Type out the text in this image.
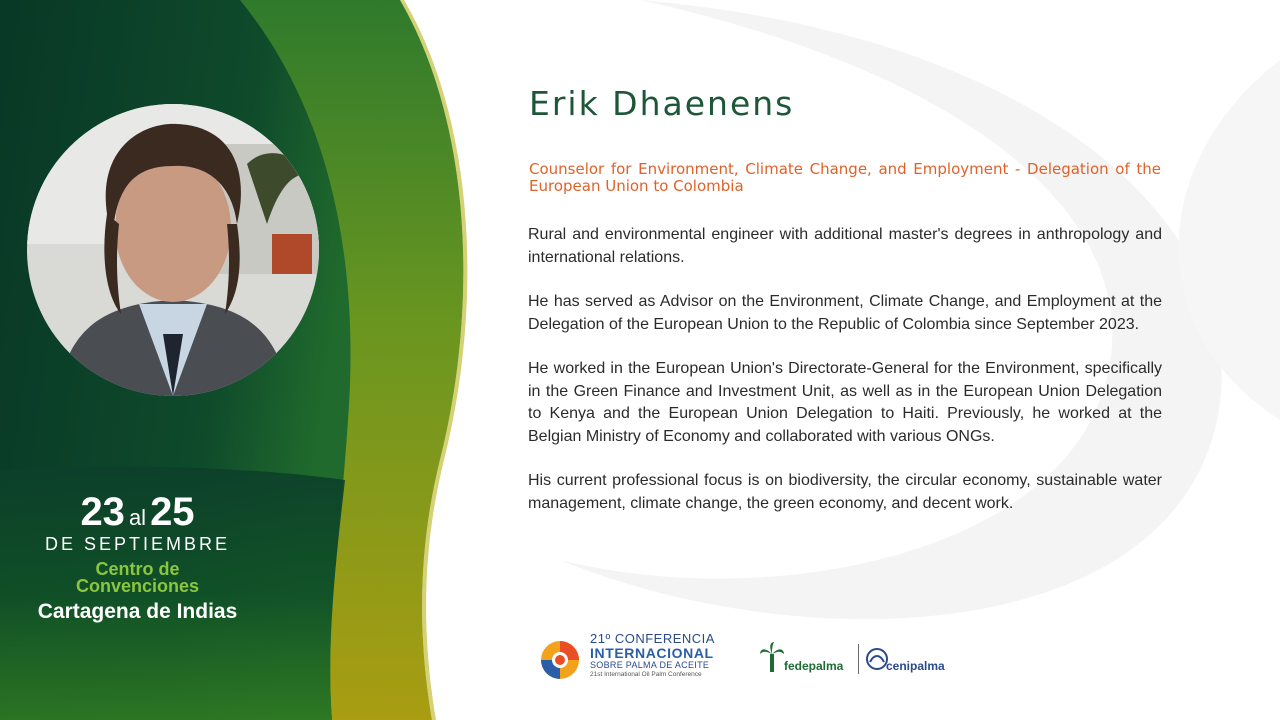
23 al 25
DE SEPTIEMBRE
Centro de
Convenciones
Cartagena de Indias
Erik Dhaenens
Counselor for Environment, Climate Change, and Employment - Delegation of the European Union to Colombia

Rural and environmental engineer with additional master's degrees in anthropology and international relations.

He has served as Advisor on the Environment, Climate Change, and Employment at the Delegation of the European Union to the Republic of Colombia since September 2023.

He worked in the European Union's Directorate-General for the Environment, specifically in the Green Finance and Investment Unit, as well as in the European Union Delegation to Kenya and the European Union Delegation to Haiti. Previously, he worked at the Belgian Ministry of Economy and collaborated with various ONGs.

His current professional focus is on biodiversity, the circular economy, sustainable water management, climate change, the green economy, and decent work.

21º CONFERENCIA
INTERNACIONAL
SOBRE PALMA DE ACEITE
21st International Oil Palm Conference
fedepalma	cenipalma
